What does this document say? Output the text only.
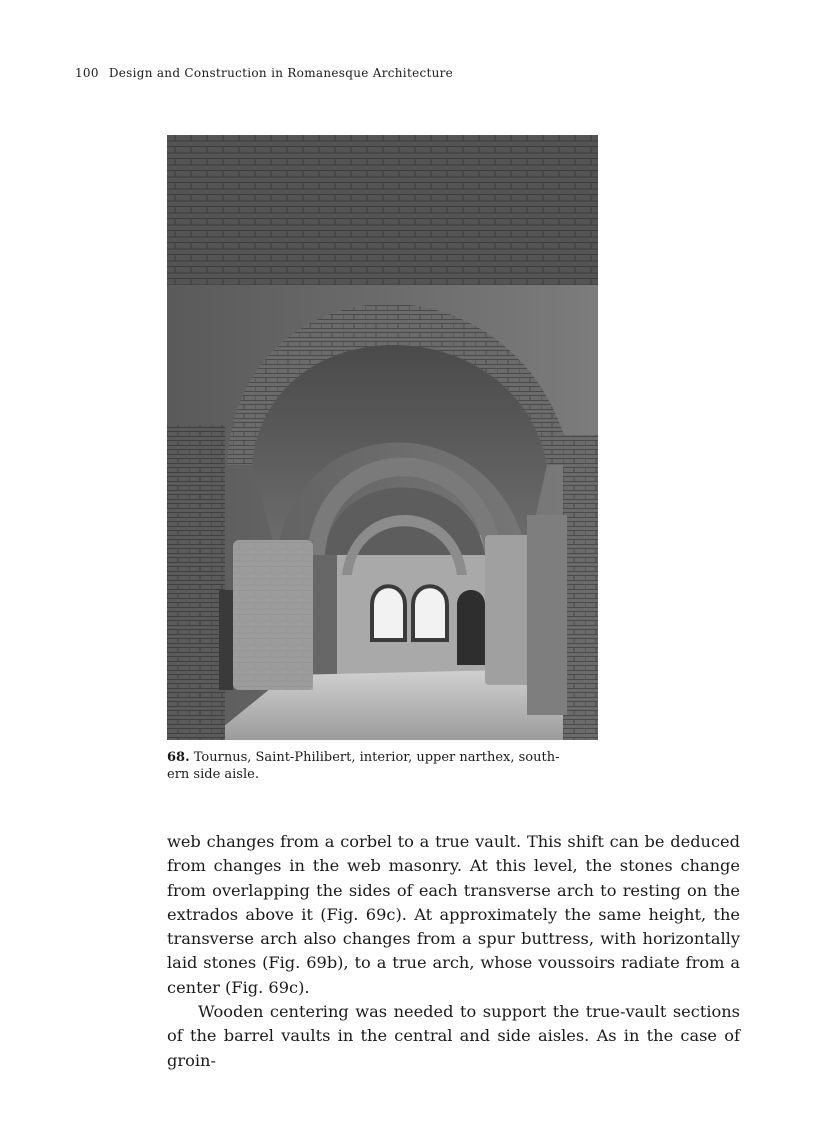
100 Design and Construction in Romanesque Architecture
68. Tournus, Saint-Philibert, interior, upper narthex, south-
ern side aisle.

web changes from a corbel to a true vault. This shift can be deduced from changes in the web masonry. At this level, the stones change from overlapping the sides of each transverse arch to resting on the extrados above it (Fig. 69c). At approximately the same height, the transverse arch also changes from a spur buttress, with horizontally laid stones (Fig. 69b), to a true arch, whose voussoirs radiate from a center (Fig. 69c).

Wooden centering was needed to support the true-vault sections of the barrel vaults in the central and side aisles. As in the case of groin-
